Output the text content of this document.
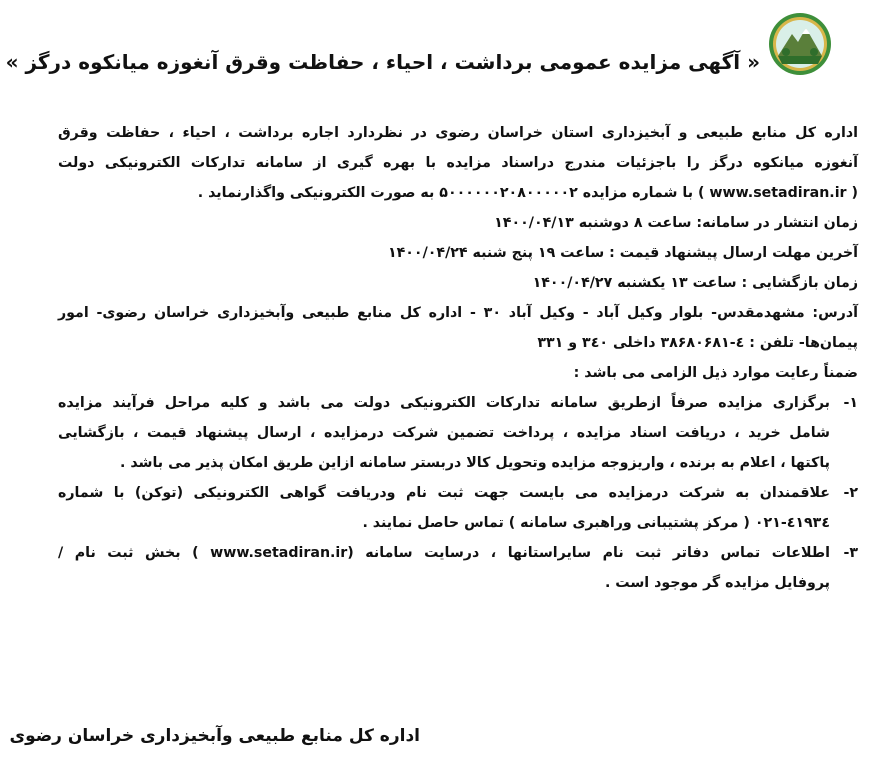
« آگهی مزایده عمومی برداشت ، احیاء ، حفاظت وقرق آنغوزه میانکوه درگز »
اداره کل منابع طبیعی و آبخیزداری استان خراسان رضوی در نظردارد اجاره برداشت ، احیاء ، حفاظت وقرق
آنغوزه میانکوه درگز را باجزئیات مندرج دراسناد مزایده با بهره گیری از سامانه تدارکات الکترونیکی دولت
( www.setadiran.ir ) با شماره مزایده ۵۰۰۰۰۰۰۲۰۸۰۰۰۰۰۲ به صورت الکترونیکی واگذارنماید .
زمان انتشار در سامانه: ساعت ۸ دوشنبه ۱۴۰۰/۰۴/۱۳
آخرین مهلت ارسال پیشنهاد قیمت : ساعت ۱۹ پنج شنبه ۱۴۰۰/۰۴/۲۴
زمان بازگشایی : ساعت ۱۳ یکشنبه ۱۴۰۰/۰۴/۲۷
آدرس: مشهدمقدس- بلوار وکیل آباد - وکیل آباد ۳۰ - اداره کل منابع طبیعی وآبخیزداری خراسان رضوی- امور
پیمان‌ها- تلفن : ٤-۳۸۶۸۰۶۸۱ داخلی ۳٤۰ و ۳۳۱
ضمناً رعایت موارد ذیل الزامی می باشد :
۱-
برگزاری مزایده صرفاً ازطریق سامانه تدارکات الکترونیکی دولت می باشد و کلیه مراحل فرآیند مزایده
شامل خرید ، دریافت اسناد مزایده ، پرداخت تضمین شرکت درمزایده ، ارسال پیشنهاد قیمت ، بازگشایی
پاکتها ، اعلام به برنده ، واریزوجه مزایده وتحویل کالا دربستر سامانه ازاین طریق امکان پذیر می باشد .
۲-
علاقمندان به شرکت درمزایده می بایست جهت ثبت نام ودریافت گواهی الکترونیکی (توکن) با شماره
٤۱۹۳٤-۰۲۱ ( مرکز پشتیبانی وراهبری سامانه ) تماس حاصل نمایند .
۳-
اطلاعات تماس دفاتر ثبت نام سایراستانها ، درسایت سامانه (www.setadiran.ir ) بخش ثبت نام /
پروفایل مزایده گر موجود است .
اداره کل منابع طبیعی وآبخیزداری خراسان رضوی
